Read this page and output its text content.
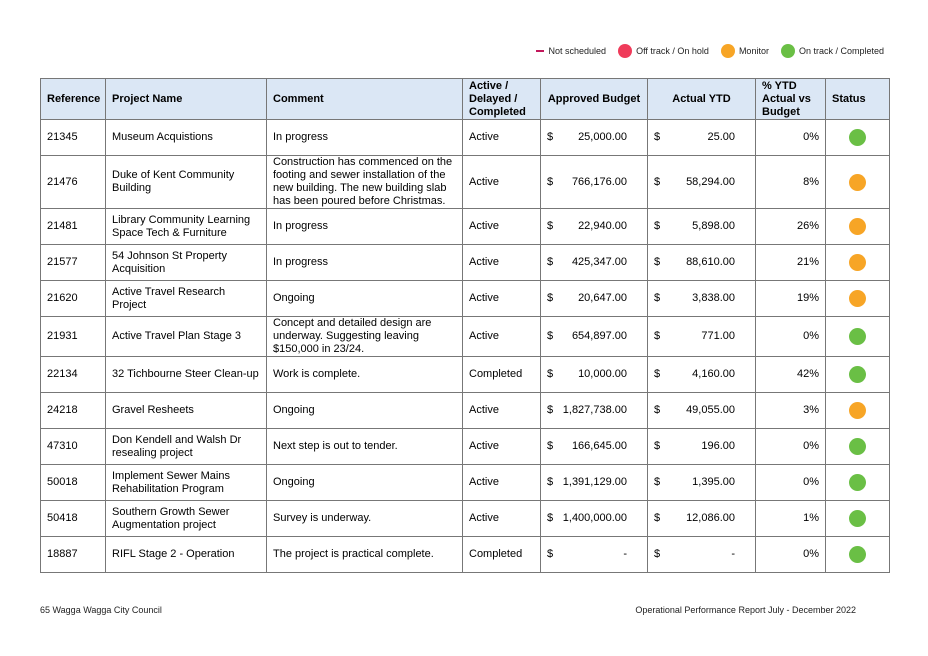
Not scheduled	Off track / On hold	Monitor	On track / Completed
Reference	Project Name	Comment	Active / Delayed / Completed	Approved Budget	Actual YTD	% YTD Actual vs Budget	Status
21345	Museum Acquistions	In progress	Active	$ 25,000.00	$ 25.00	0%	
21476	Duke of Kent Community Building	Construction has commenced on the footing and sewer installation of the new building. The new building slab has been poured before Christmas.	Active	$ 766,176.00	$ 58,294.00	8%	
21481	Library Community Learning Space Tech & Furniture	In progress	Active	$ 22,940.00	$ 5,898.00	26%	
21577	54 Johnson St Property Acquisition	In progress	Active	$ 425,347.00	$ 88,610.00	21%	
21620	Active Travel Research Project	Ongoing	Active	$ 20,647.00	$ 3,838.00	19%	
21931	Active Travel Plan Stage 3	Concept and detailed design are underway. Suggesting leaving $150,000 in 23/24.	Active	$ 654,897.00	$ 771.00	0%	
22134	32 Tichbourne Steer Clean-up	Work is complete.	Completed	$ 10,000.00	$ 4,160.00	42%	
24218	Gravel Resheets	Ongoing	Active	$ 1,827,738.00	$ 49,055.00	3%	
47310	Don Kendell and Walsh Dr resealing project	Next step is out to tender.	Active	$ 166,645.00	$ 196.00	0%	
50018	Implement Sewer Mains Rehabilitation Program	Ongoing	Active	$ 1,391,129.00	$ 1,395.00	0%	
50418	Southern Growth Sewer Augmentation project	Survey is underway.	Active	$ 1,400,000.00	$ 12,086.00	1%	
18887	RIFL Stage 2 - Operation	The project is practical complete.	Completed	$ -	$ -	0%	
65 Wagga Wagga City Council	Operational Performance Report July - December 2022
